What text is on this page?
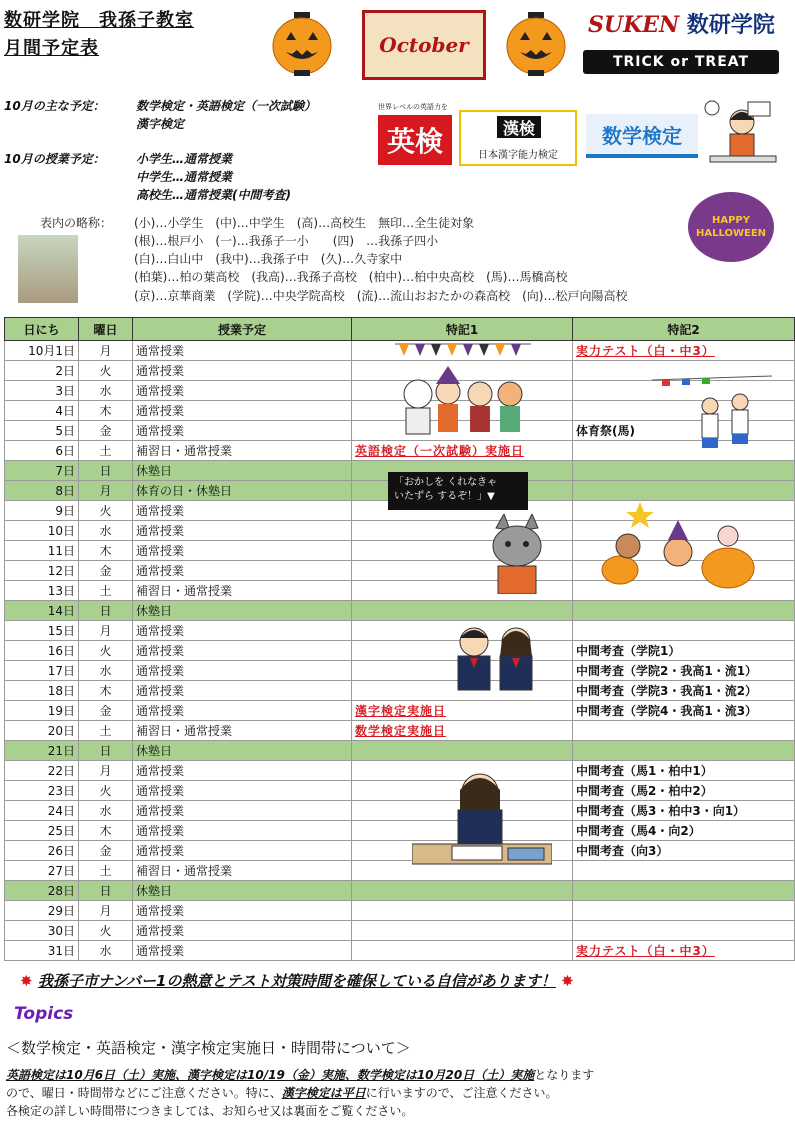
数研学院　我孫子教室
月間予定表	October
SUKEN 数研学院
TRICK or TREAT
10月の主な予定：	数学検定・英語検定（一次試験）
漢字検定
10月の授業予定：	小学生…通常授業
中学生…通常授業
高校生…通常授業(中間考査)
世界レベルの英語力を
英検	漢検
日本漢字能力検定
数学検定
表内の略称： (小)…小学生　(中)…中学生　(高)…高校生　無印…全生徒対象
(根)…根戸小　(一)…我孫子一小　　(四)　…我孫子四小
(白)…白山中　(我中)…我孫子中　(久)…久寺家中
(柏葉)…柏の葉高校　(我高)…我孫子高校　(柏中)…柏中央高校　(馬)…馬橋高校
(京)…京華商業　(学院)…中央学院高校　(流)…流山おおたかの森高校　(向)…松戸向陽高校
HAPPY HALLOWEEN
日にち	曜日	授業予定	特記1	特記2
10月1日	月	通常授業		実力テスト（白・中3）
2日	火	通常授業		
3日	水	通常授業		
4日	木	通常授業		
5日	金	通常授業		体育祭(馬)
6日	土	補習日・通常授業	英語検定（一次試験）実施日	
7日	日	休塾日		
8日	月	体育の日・休塾日		
9日	火	通常授業		
10日	水	通常授業		
11日	木	通常授業		
12日	金	通常授業		
13日	土	補習日・通常授業		
14日	日	休塾日		
15日	月	通常授業		
16日	火	通常授業		中間考査（学院1）
17日	水	通常授業		中間考査（学院2・我高1・流1）
18日	木	通常授業		中間考査（学院3・我高1・流2）
19日	金	通常授業	漢字検定実施日	中間考査（学院4・我高1・流3）
20日	土	補習日・通常授業	数学検定実施日	
21日	日	休塾日		
22日	月	通常授業		中間考査（馬1・柏中1）
23日	火	通常授業		中間考査（馬2・柏中2）
24日	水	通常授業		中間考査（馬3・柏中3・向1）
25日	木	通常授業		中間考査（馬4・向2）
26日	金	通常授業		中間考査（向3）
27日	土	補習日・通常授業		
28日	日	休塾日		
29日	月	通常授業		
30日	火	通常授業		
31日	水	通常授業		実力テスト（白・中3）
「おかしを くれなきゃ
いたずら するぞ！」▼
✸ 我孫子市ナンバー1の熱意とテスト対策時間を確保している自信があります！ ✸
Topics
＜数学検定・英語検定・漢字検定実施日・時間帯について＞
英語検定は10月6日（土）実施、漢字検定は10/19（金）実施、数学検定は10月20日（土）実施となります
ので、曜日・時間帯などにご注意ください。特に、漢字検定は平日に行いますので、ご注意ください。
各検定の詳しい時間帯につきましては、お知らせ又は裏面をご覧ください。
